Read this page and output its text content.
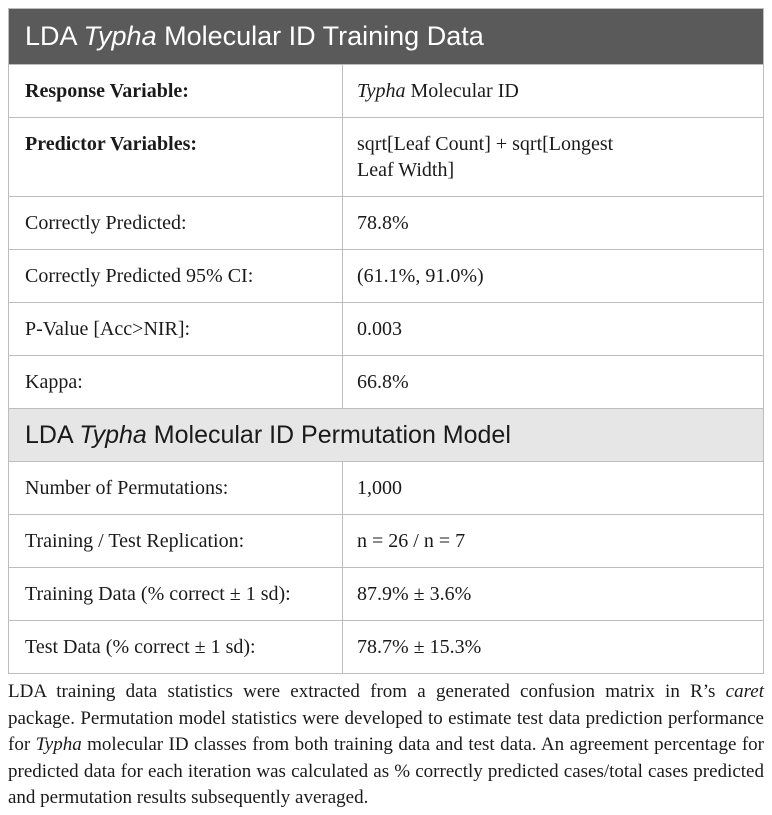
LDA Typha Molecular ID Training Data
Response Variable:	Typha Molecular ID
Predictor Variables:	sqrt[Leaf Count] + sqrt[Longest Leaf Width]
Correctly Predicted:	78.8%
Correctly Predicted 95% CI:	(61.1%, 91.0%)
P-Value [Acc>NIR]:	0.003
Kappa:	66.8%
LDA Typha Molecular ID Permutation Model
Number of Permutations:	1,000
Training / Test Replication:	n = 26 / n = 7
Training Data (% correct ± 1 sd):	87.9% ± 3.6%
Test Data (% correct ± 1 sd):	78.7% ± 15.3%
LDA training data statistics were extracted from a generated confusion matrix in R’s caret package. Permutation model statistics were developed to estimate test data prediction performance for Typha molecular ID classes from both training data and test data. An agreement percentage for predicted data for each iteration was calculated as % correctly predicted cases/total cases predicted and permutation results subsequently averaged.
